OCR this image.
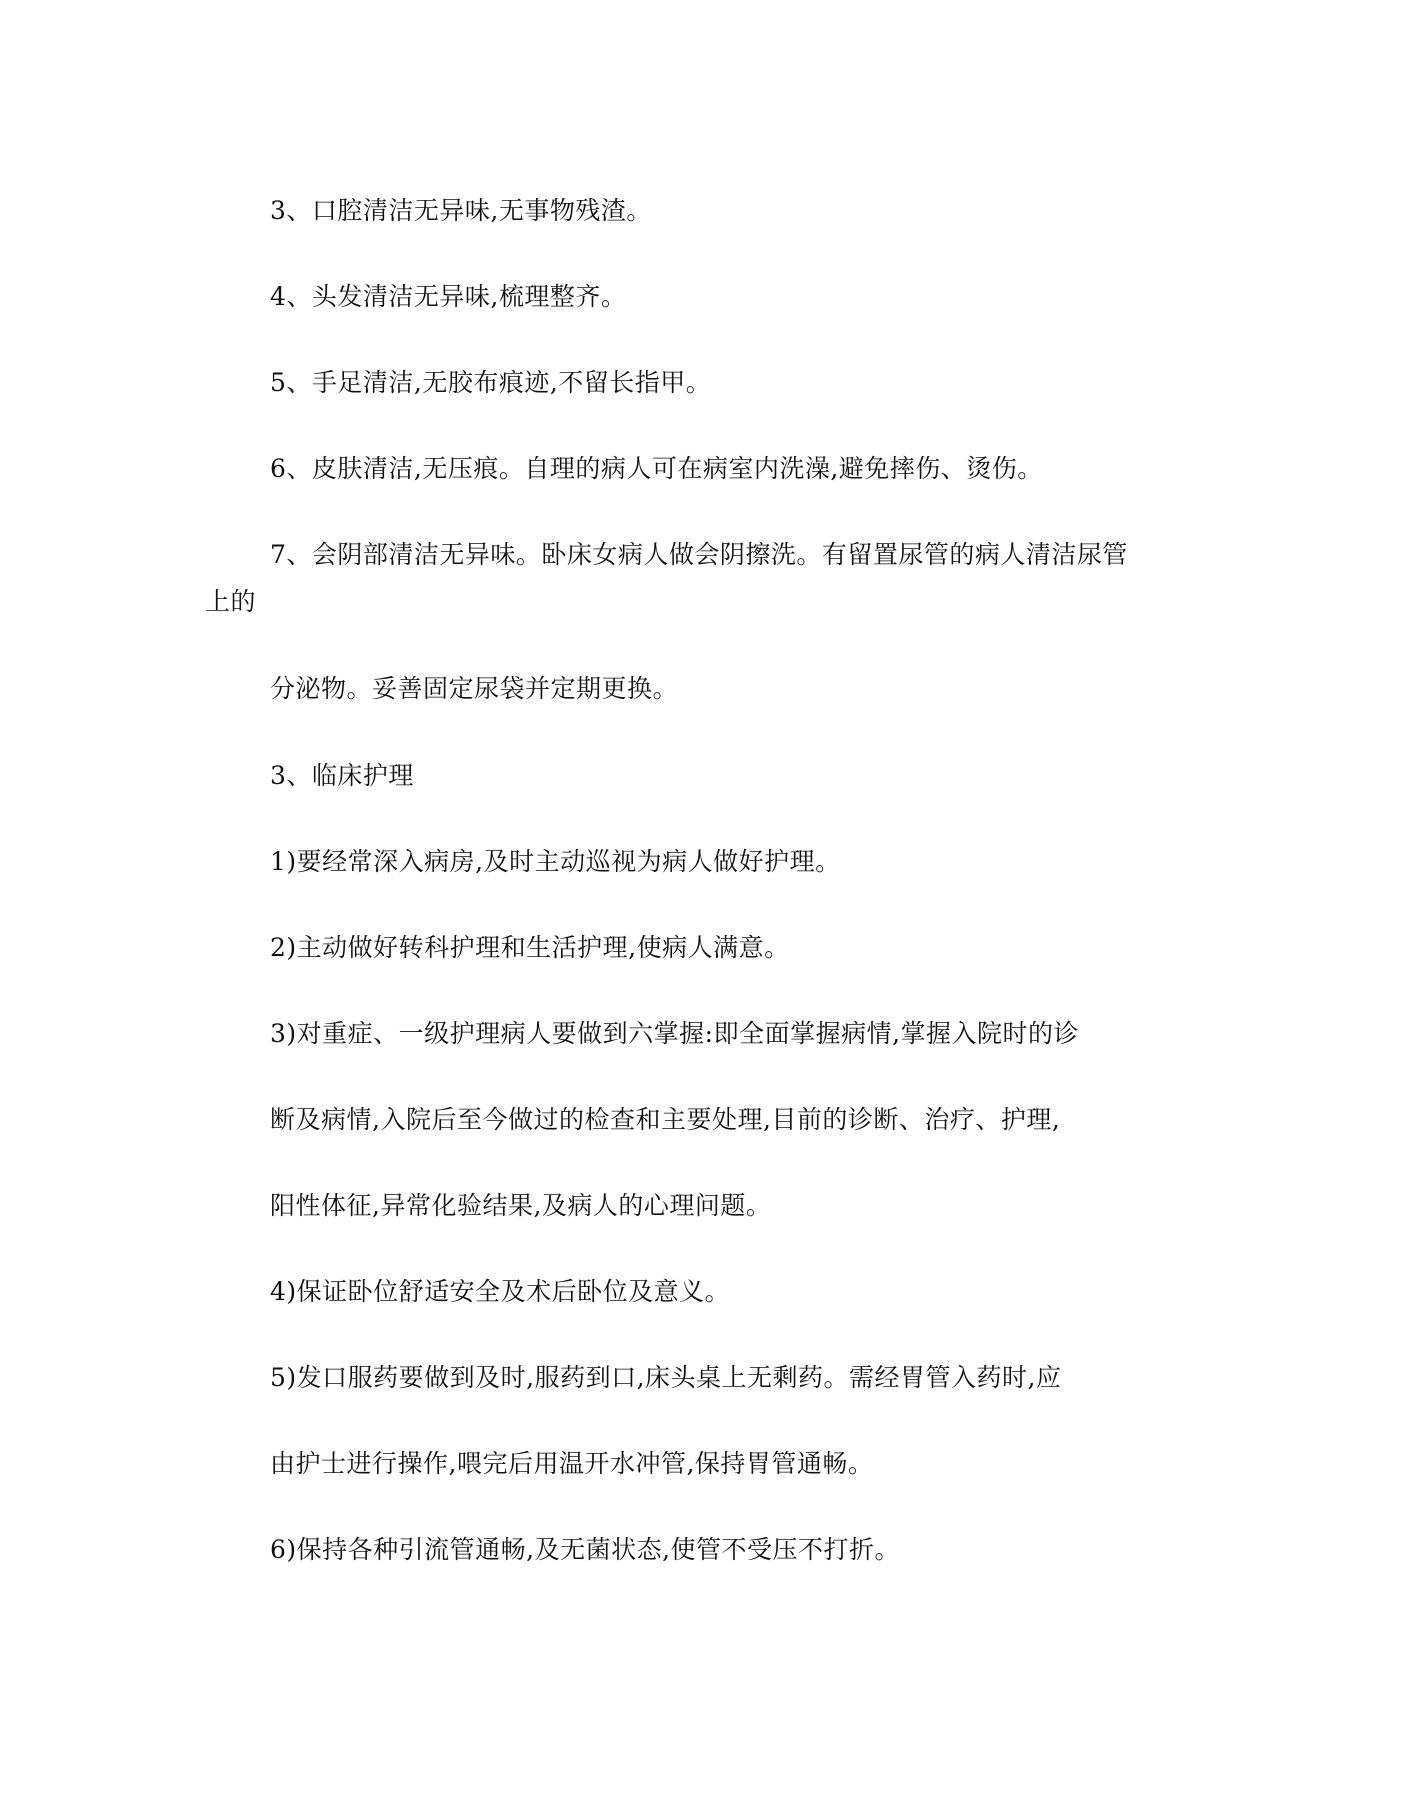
3、口腔清洁无异味,无事物残渣。
4、头发清洁无异味,梳理整齐。
5、手足清洁,无胶布痕迹,不留长指甲。
6、皮肤清洁,无压痕。自理的病人可在病室内洗澡,避免摔伤、烫伤。
7、会阴部清洁无异味。卧床女病人做会阴擦洗。有留置尿管的病人清洁尿管
上的
分泌物。妥善固定尿袋并定期更换。
3、临床护理
1)要经常深入病房,及时主动巡视为病人做好护理。
2)主动做好转科护理和生活护理,使病人满意。
3)对重症、一级护理病人要做到六掌握:即全面掌握病情,掌握入院时的诊
断及病情,入院后至今做过的检查和主要处理,目前的诊断、治疗、护理,
阳性体征,异常化验结果,及病人的心理问题。
4)保证卧位舒适安全及术后卧位及意义。
5)发口服药要做到及时,服药到口,床头桌上无剩药。需经胃管入药时,应
由护士进行操作,喂完后用温开水冲管,保持胃管通畅。
6)保持各种引流管通畅,及无菌状态,使管不受压不打折。
